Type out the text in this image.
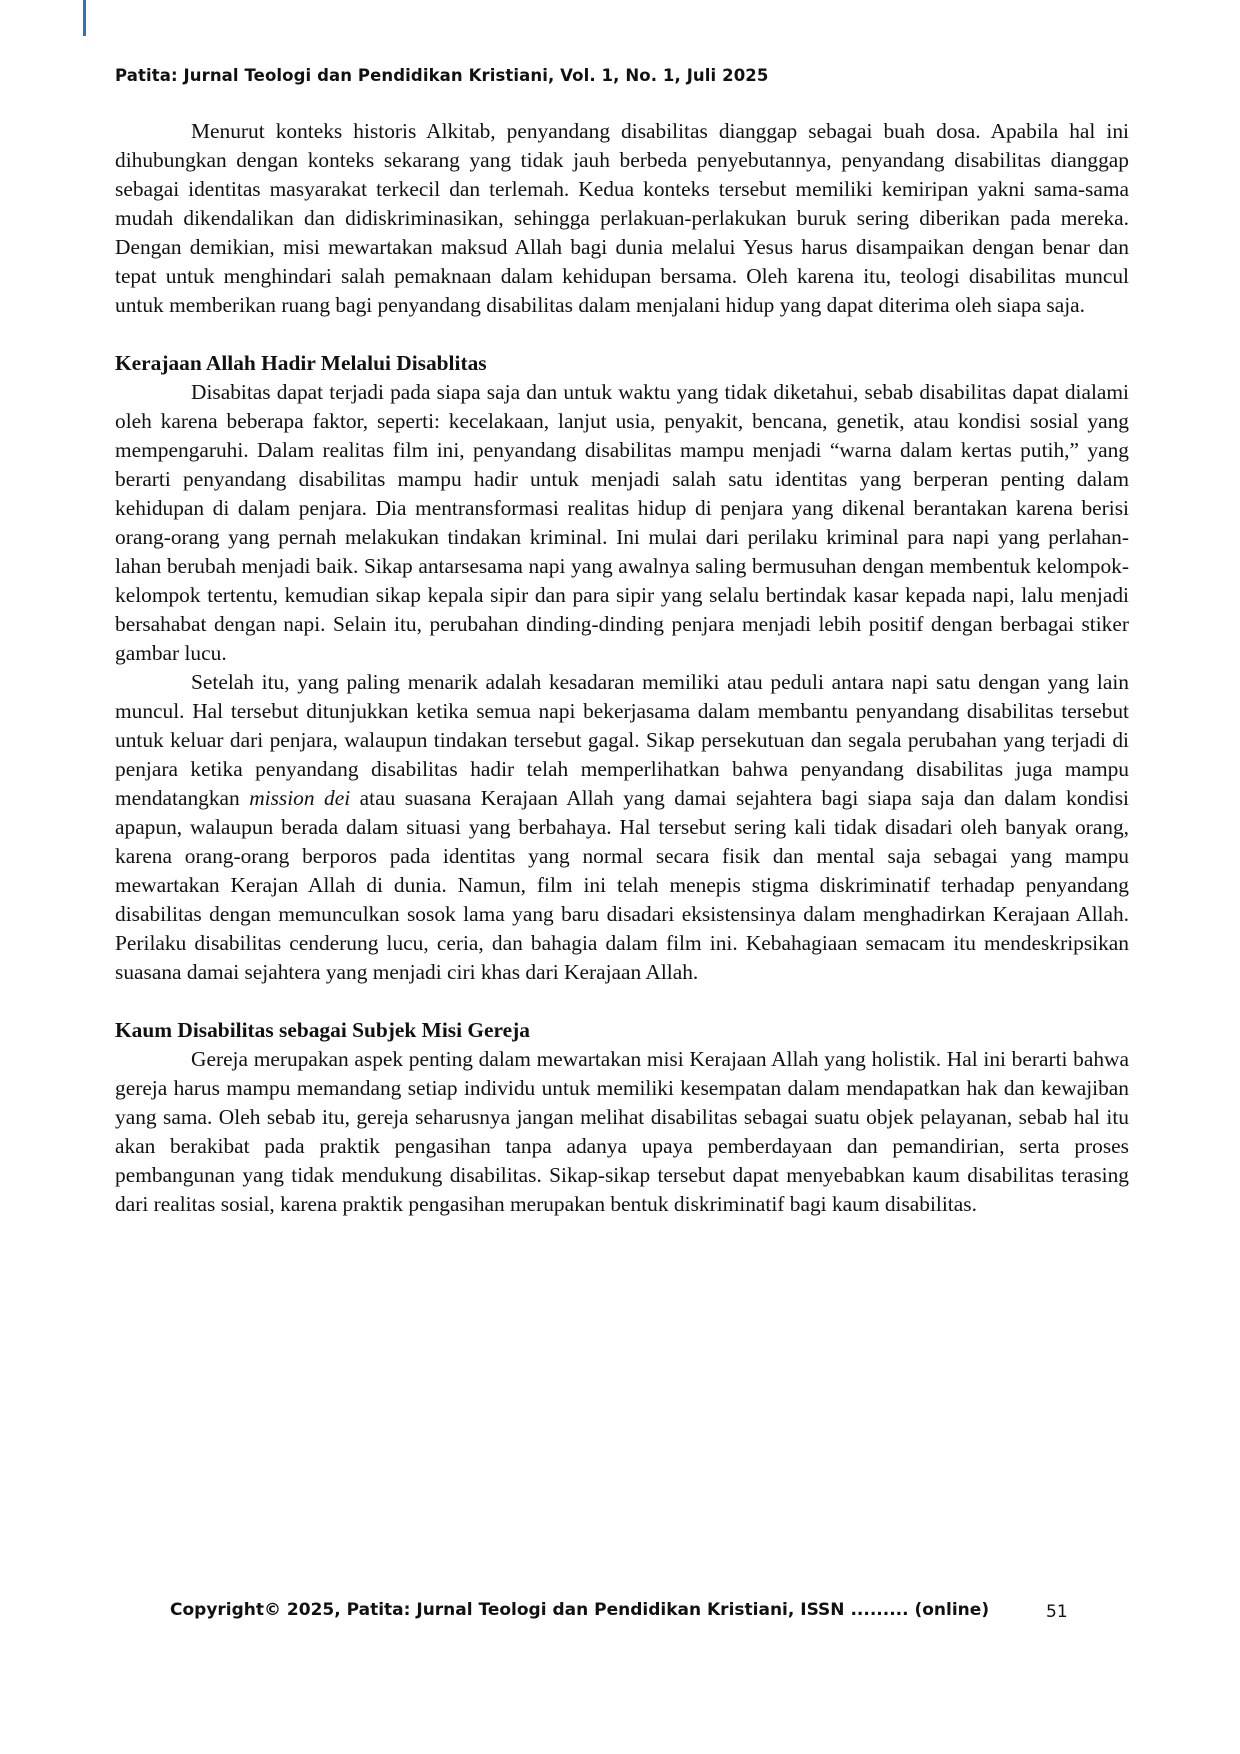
Patita: Jurnal Teologi dan Pendidikan Kristiani, Vol. 1, No. 1, Juli 2025

Menurut konteks historis Alkitab, penyandang disabilitas dianggap sebagai buah dosa. Apabila hal ini dihubungkan dengan konteks sekarang yang tidak jauh berbeda penyebutannya, penyandang disabilitas dianggap sebagai identitas masyarakat terkecil dan terlemah. Kedua konteks tersebut memiliki kemiripan yakni sama-sama mudah dikendalikan dan didiskriminasikan, sehingga perlakuan-perlakukan buruk sering diberikan pada mereka. Dengan demikian, misi mewartakan maksud Allah bagi dunia melalui Yesus harus disampaikan dengan benar dan tepat untuk menghindari salah pemaknaan dalam kehidupan bersama. Oleh karena itu, teologi disabilitas muncul untuk memberikan ruang bagi penyandang disabilitas dalam menjalani hidup yang dapat diterima oleh siapa saja.

Kerajaan Allah Hadir Melalui Disablitas

Disabitas dapat terjadi pada siapa saja dan untuk waktu yang tidak diketahui, sebab disabilitas dapat dialami oleh karena beberapa faktor, seperti: kecelakaan, lanjut usia, penyakit, bencana, genetik, atau kondisi sosial yang mempengaruhi. Dalam realitas film ini, penyandang disabilitas mampu menjadi “warna dalam kertas putih,” yang berarti penyandang disabilitas mampu hadir untuk menjadi salah satu identitas yang berperan penting dalam kehidupan di dalam penjara. Dia mentransformasi realitas hidup di penjara yang dikenal berantakan karena berisi orang-orang yang pernah melakukan tindakan kriminal. Ini mulai dari perilaku kriminal para napi yang perlahan-lahan berubah menjadi baik. Sikap antarsesama napi yang awalnya saling bermusuhan dengan membentuk kelompok-kelompok tertentu, kemudian sikap kepala sipir dan para sipir yang selalu bertindak kasar kepada napi, lalu menjadi bersahabat dengan napi. Selain itu, perubahan dinding-dinding penjara menjadi lebih positif dengan berbagai stiker gambar lucu.

Setelah itu, yang paling menarik adalah kesadaran memiliki atau peduli antara napi satu dengan yang lain muncul. Hal tersebut ditunjukkan ketika semua napi bekerjasama dalam membantu penyandang disabilitas tersebut untuk keluar dari penjara, walaupun tindakan tersebut gagal. Sikap persekutuan dan segala perubahan yang terjadi di penjara ketika penyandang disabilitas hadir telah memperlihatkan bahwa penyandang disabilitas juga mampu mendatangkan mission dei atau suasana Kerajaan Allah yang damai sejahtera bagi siapa saja dan dalam kondisi apapun, walaupun berada dalam situasi yang berbahaya. Hal tersebut sering kali tidak disadari oleh banyak orang, karena orang-orang berporos pada identitas yang normal secara fisik dan mental saja sebagai yang mampu mewartakan Kerajan Allah di dunia. Namun, film ini telah menepis stigma diskriminatif terhadap penyandang disabilitas dengan memunculkan sosok lama yang baru disadari eksistensinya dalam menghadirkan Kerajaan Allah. Perilaku disabilitas cenderung lucu, ceria, dan bahagia dalam film ini. Kebahagiaan semacam itu mendeskripsikan suasana damai sejahtera yang menjadi ciri khas dari Kerajaan Allah.

Kaum Disabilitas sebagai Subjek Misi Gereja

Gereja merupakan aspek penting dalam mewartakan misi Kerajaan Allah yang holistik. Hal ini berarti bahwa gereja harus mampu memandang setiap individu untuk memiliki kesempatan dalam mendapatkan hak dan kewajiban yang sama. Oleh sebab itu, gereja seharusnya jangan melihat disabilitas sebagai suatu objek pelayanan, sebab hal itu akan berakibat pada praktik pengasihan tanpa adanya upaya pemberdayaan dan pemandirian, serta proses pembangunan yang tidak mendukung disabilitas. Sikap-sikap tersebut dapat menyebabkan kaum disabilitas terasing dari realitas sosial, karena praktik pengasihan merupakan bentuk diskriminatif bagi kaum disabilitas.

Copyright© 2025, Patita: Jurnal Teologi dan Pendidikan Kristiani, ISSN ......... (online)	51
